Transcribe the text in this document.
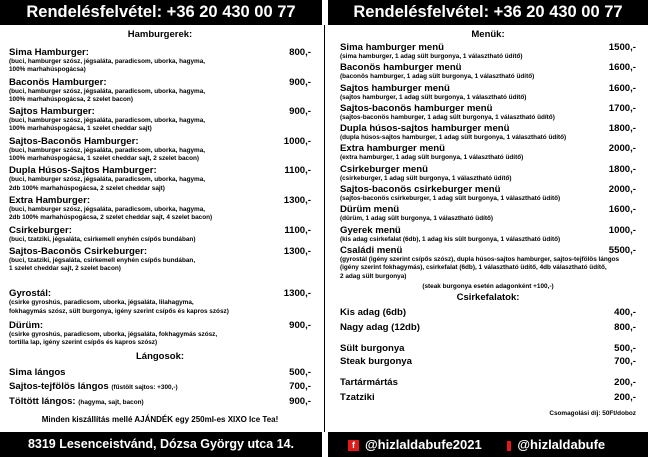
Rendelésfelvétel: +36 20 430 00 77	Rendelésfelvétel: +36 20 430 00 77
Hamburgerek:
Sima Hamburger:	800,-
(buci, hamburger szósz, jégsaláta, paradicsom, uborka, hagyma,
100% marhahúspogácsa)
Baconös Hamburger:	900,-
(buci, hamburger szósz, jégsaláta, paradicsom, uborka, hagyma,
100% marhahúspogácsa, 2 szelet bacon)
Sajtos Hamburger:	900,-
(buci, hamburger szósz, jégsaláta, paradicsom, uborka, hagyma,
100% marhahúspogácsa, 1 szelet cheddar sajt)
Sajtos-Baconös Hamburger:	1000,-
(buci, hamburger szósz, jégsaláta, paradicsom, uborka, hagyma,
100% marhahúspogácsa, 1 szelet cheddar sajt, 2 szelet bacon)
Dupla Húsos-Sajtos Hamburger:	1100,-
(buci, hamburger szósz, jégsaláta, paradicsom, uborka, hagyma,
2db 100% marhahúspogácsa, 2 szelet cheddar sajt)
Extra Hamburger:	1300,-
(buci, hamburger szósz, jégsaláta, paradicsom, uborka, hagyma,
2db 100% marhahúspogácsa, 2 szelet cheddar sajt, 4 szelet bacon)
Csirkeburger:	1100,-
(buci, tzatziki, jégsaláta, csirkemell enyhén csípős bundában)
Sajtos-Baconös Csirkeburger:	1300,-
(buci, tzatziki, jégsaláta, csirkemell enyhén csípős bundában,
1 szelet cheddar sajt, 2 szelet bacon)
Gyrostál:	1300,-
(csirke gyroshús, paradicsom, uborka, jégsaláta, lilahagyma,
fokhagymás szósz, sült burgonya, igény szerint csípős és kapros szósz)
Dürüm:	900,-
(csirke gyroshús, paradicsom, uborka, jégsaláta, fokhagymás szósz,
tortilla lap, igény szerint csípős és kapros szósz)
Lángosok:
Sima lángos	500,-
Sajtos-tejfölös lángos (fűstölt sajtos: +300,-)	700,-
Töltött lángos: (hagyma, sajt, bacon)	900,-
Minden kiszállítás mellé AJÁNDÉK egy 250ml-es XIXO Ice Tea!
Menük:
Sima hamburger menü	1500,-
(sima hamburger, 1 adag sült burgonya, 1 választható üdítő)
Baconös hamburger menü	1600,-
(baconös hamburger, 1 adag sült burgonya, 1 választható üdítő)
Sajtos hamburger menü	1600,-
(sajtos hamburger, 1 adag sült burgonya, 1 választható üdítő)
Sajtos-baconös hamburger menü	1700,-
(sajtos-baconös hamburger, 1 adag sült burgonya, 1 választható üdítő)
Dupla húsos-sajtos hamburger menü	1800,-
(dupla húsos-sajtos hamburger, 1 adag sült burgonya, 1 választható üdítő)
Extra hamburger menü	2000,-
(extra hamburger, 1 adag sült burgonya, 1 választható üdítő)
Csirkeburger menü	1800,-
(csirkeburger, 1 adag sült burgonya, 1 választható üdítő)
Sajtos-baconös csirkeburger menü	2000,-
(sajtos-baconös csirkeburger, 1 adag sült burgonya, 1 választható üdítő)
Dürüm menü	1600,-
(dürüm, 1 adag sült burgonya, 1 választható üdítő)
Gyerek menü	1000,-
(kis adag csirkefalat (6db), 1 adag kis sült burgonya, 1 választható üdítő)
Családi menü	5500,-
(gyrostál (igény szerint csípős szósz), dupla húsos-sajtos hamburger, sajtos-tejfölös lángos
(igény szerint fokhagymás), csirkefalat (6db), 1 választható üdítő, 4db választható üdítő,
2 adag sült burgonya)
(steak burgonya esetén adagonként +100,-)
Csirkefalatok:
Kis adag (6db)	400,-
Nagy adag (12db)	800,-
Sült burgonya	500,-
Steak burgonya	700,-
Tartármártás	200,-
Tzatziki	200,-
Csomagolási díj: 50Ft/doboz
8319 Lesenceistvánd, Dózsa György utca 14.	f @hizlaldabufe2021	@hizlaldabufe
